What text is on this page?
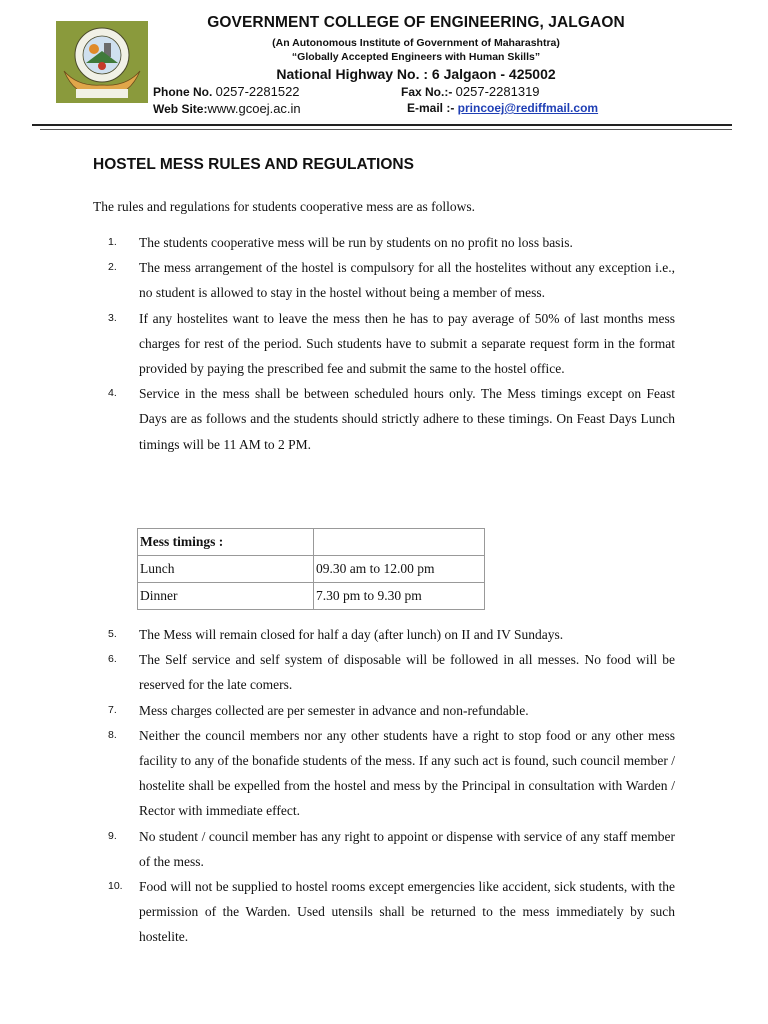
GOVERNMENT COLLEGE OF ENGINEERING, JALGAON
(An Autonomous Institute of Government of Maharashtra)
“Globally Accepted Engineers with Human Skills”
National Highway No. : 6 Jalgaon - 425002
Phone No. 0257-2281522	Fax No.:- 0257-2281319
Web Site:www.gcoej.ac.in	E-mail :- princoej@rediffmail.com
HOSTEL MESS RULES AND REGULATIONS
The rules and regulations for students cooperative mess are as follows.
1. The students cooperative mess will be run by students on no profit no loss basis.
2. The mess arrangement of the hostel is compulsory for all the hostelites without any exception i.e., no student is allowed to stay in the hostel without being a member of mess.
3. If any hostelites want to leave the mess then he has to pay average of 50% of last months mess charges for rest of the period. Such students have to submit a separate request form in the format provided by paying the prescribed fee and submit the same to the hostel office.
4. Service in the mess shall be between scheduled hours only. The Mess timings except on Feast Days are as follows and the students should strictly adhere to these timings. On Feast Days Lunch timings will be 11 AM to 2 PM.
Mess timings :	
Lunch	09.30 am to 12.00 pm
Dinner	7.30 pm to 9.30 pm
5. The Mess will remain closed for half a day (after lunch) on II and IV Sundays.
6. The Self service and self system of disposable will be followed in all messes. No food will be reserved for the late comers.
7. Mess charges collected are per semester in advance and non-refundable.
8. Neither the council members nor any other students have a right to stop food or any other mess facility to any of the bonafide students of the mess. If any such act is found, such council member / hostelite shall be expelled from the hostel and mess by the Principal in consultation with Warden / Rector with immediate effect.
9. No student / council member has any right to appoint or dispense with service of any staff member of the mess.
10. Food will not be supplied to hostel rooms except emergencies like accident, sick students, with the permission of the Warden. Used utensils shall be returned to the mess immediately by such hostelite.
